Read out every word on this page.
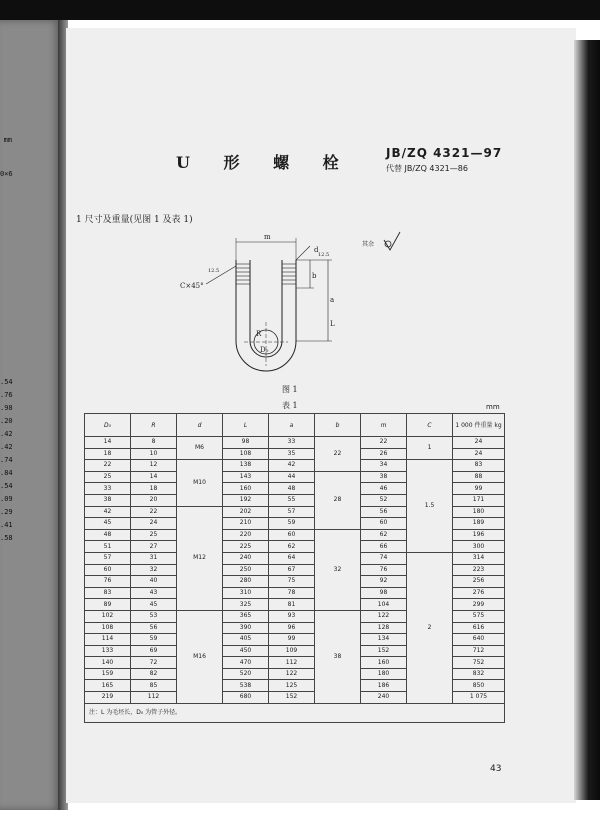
mm
0×6
.54
.76
.98
.20
.42
.42
.74
.84
.54
.09
.29
.41
.58
U 形 螺 栓	JB/ZQ 4321—97
代替 JB/ZQ 4321—86
1 尺寸及重量(见图 1 及表 1)
m
d
b
a
L
R
D₀
C×45°
12.5
12.5
其余
图 1
表 1	mm
D₀	R	d	L	a	b	m	C	1 000 件重量 kg
14	8	M6	98	33	22	22	1	24
18	10		108	35		26		24
22	12	M10	138	42		34	1.5	83
25	14		143	44	28	38		88
33	18		160	48		46		99
38	20		192	55		52		171
42	22	M12	202	57		56		180
45	24		210	59		60		189
48	25		220	60	32	62		196
51	27		225	62		66		300
57	31		240	64		74	2	314
60	32		250	67		76		223
76	40		280	75		92		256
83	43		310	78		98		276
89	45		325	81		104		299
102	53	M16	365	93	38	122		575
108	56		390	96		128		616
114	59		405	99		134		640
133	69		450	109		152		712
140	72		470	112		160		752
159	82		520	122		180		832
165	85		538	125		186		850
219	112		680	152		240		1 075
注：L 为毛坯长，D₀ 为管子外径。								
43
